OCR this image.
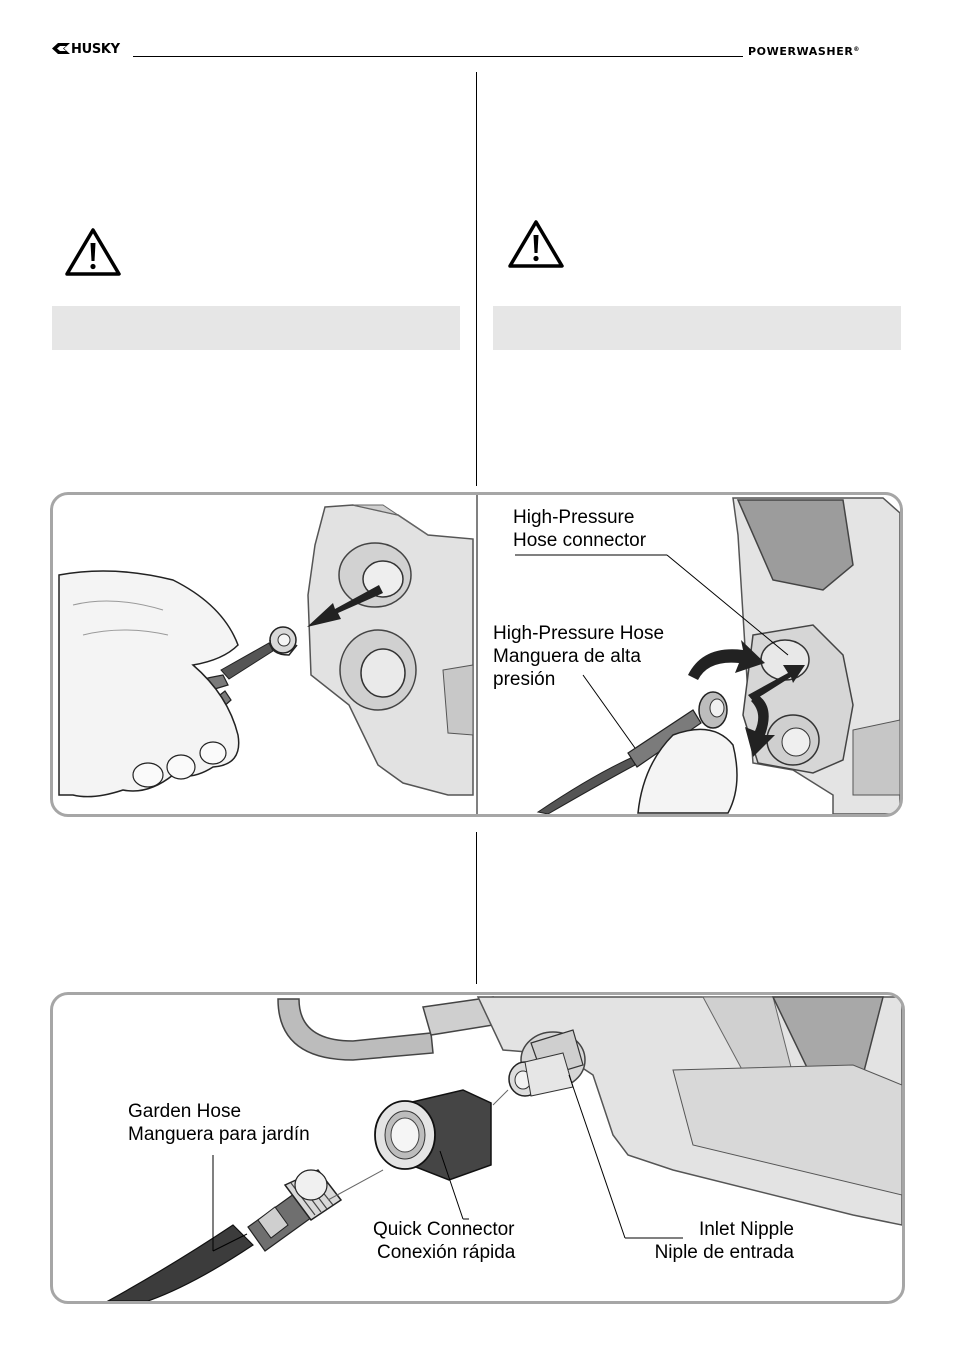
HUSKY	POWERWASHER®
High-Pressure
Hose connector
High-Pressure Hose
Manguera de alta
presión
Garden Hose
Manguera para jardín
Quick Connector
Conexión rápida
Inlet Nipple
Niple de entrada
